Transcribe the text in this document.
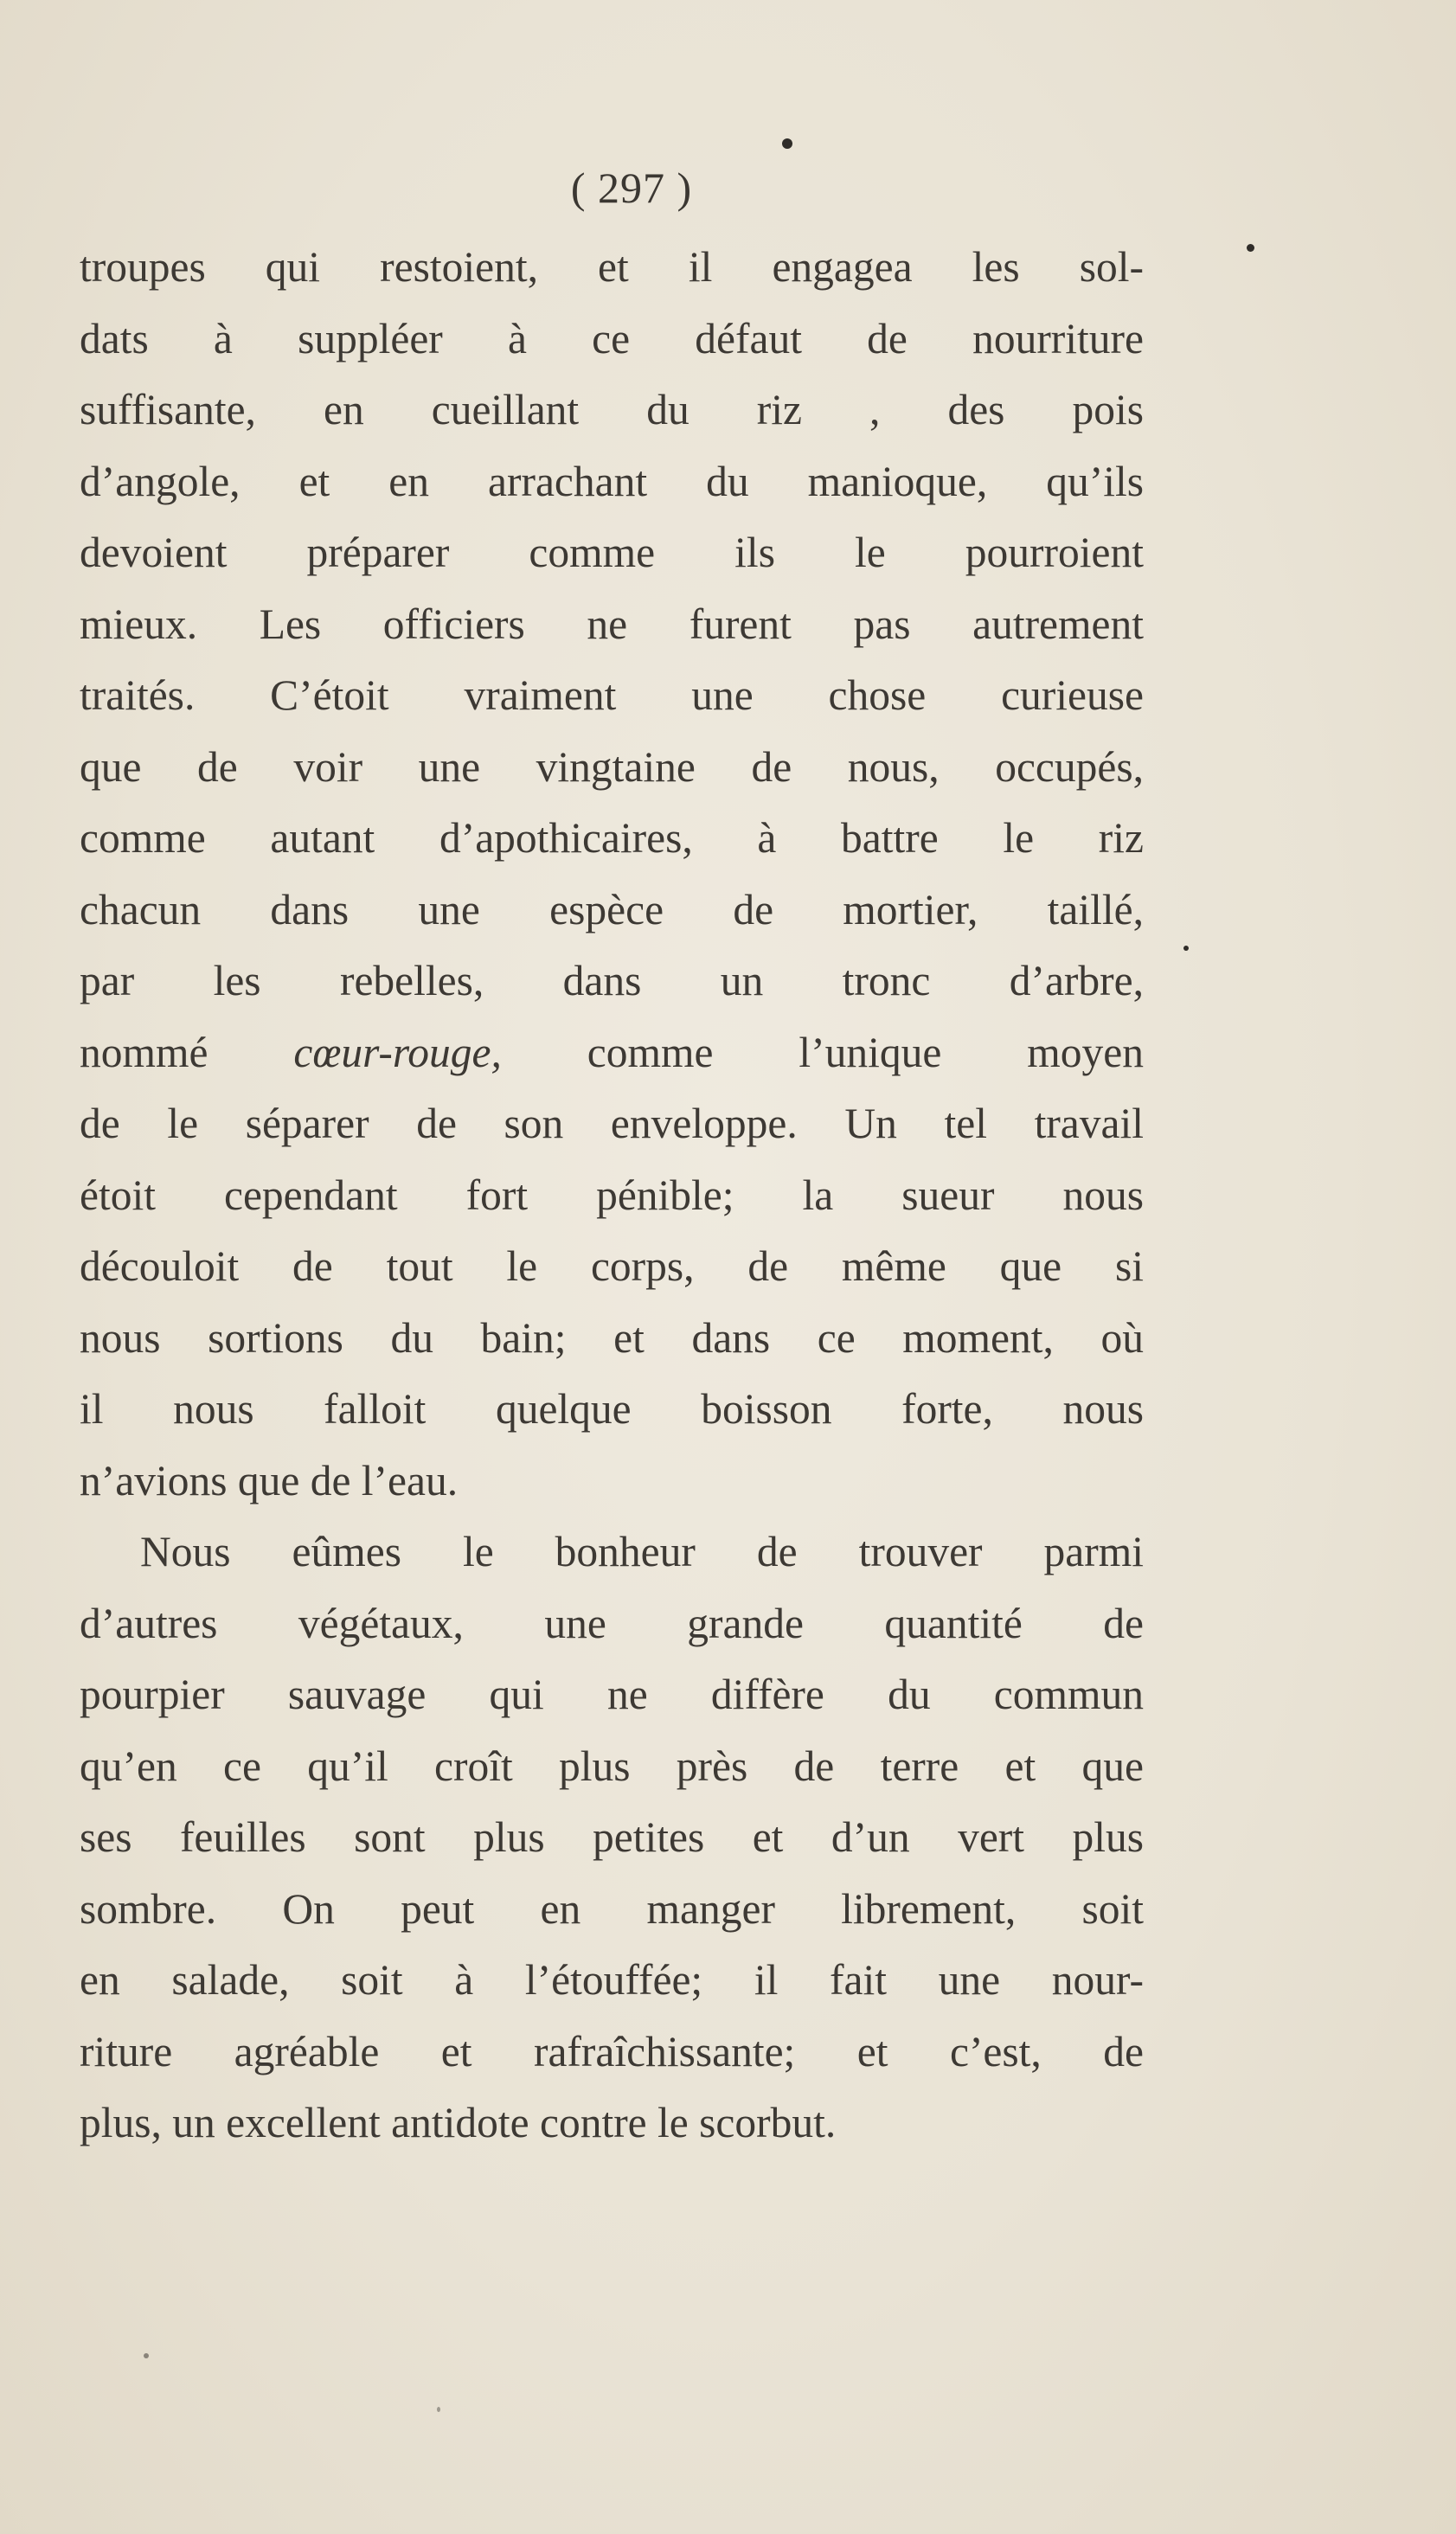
( 297 )
troupes qui restoient, et il engagea les sol-
dats à suppléer à ce défaut de nourriture
suffisante, en cueillant du riz , des pois
d’angole, et en arrachant du manioque, qu’ils
devoient préparer comme ils le pourroient
mieux. Les officiers ne furent pas autrement
traités. C’étoit vraiment une chose curieuse
que de voir une vingtaine de nous, occupés,
comme autant d’apothicaires, à battre le riz
chacun dans une espèce de mortier, taillé,
par les rebelles, dans un tronc d’arbre,
nommé cœur-rouge, comme l’unique moyen
de le séparer de son enveloppe. Un tel travail
étoit cependant fort pénible; la sueur nous
découloit de tout le corps, de même que si
nous sortions du bain; et dans ce moment, où
il nous falloit quelque boisson forte, nous
n’avions que de l’eau.
Nous eûmes le bonheur de trouver parmi
d’autres végétaux, une grande quantité de
pourpier sauvage qui ne diffère du commun
qu’en ce qu’il croît plus près de terre et que
ses feuilles sont plus petites et d’un vert plus
sombre. On peut en manger librement, soit
en salade, soit à l’étouffée; il fait une nour-
riture agréable et rafraîchissante; et c’est, de
plus, un excellent antidote contre le scorbut.
